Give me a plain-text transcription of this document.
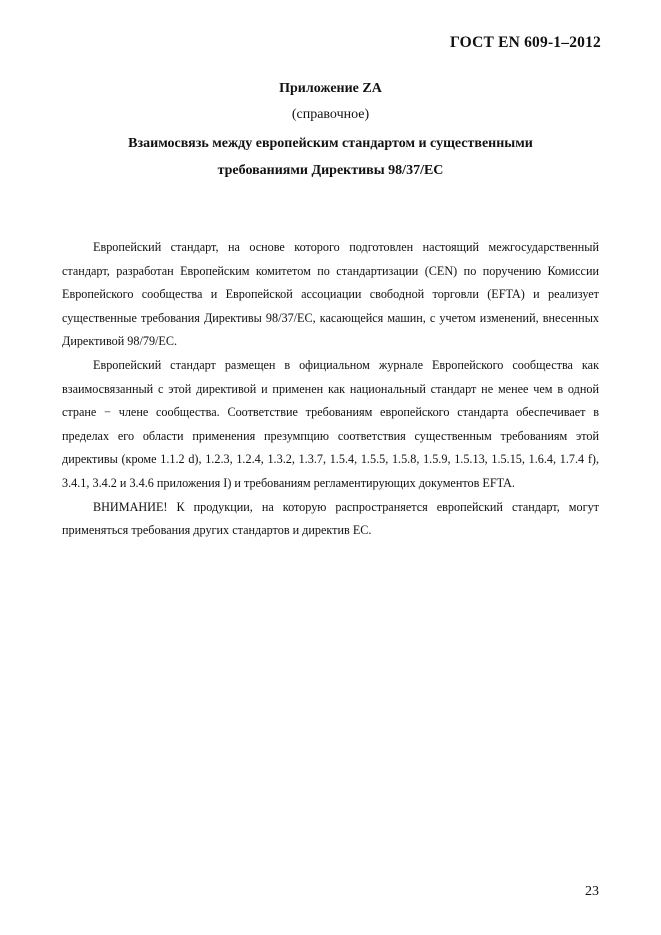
ГОСТ EN 609-1–2012
Приложение ZA
(справочное)
Взаимосвязь между европейским стандартом и существенными требованиями Директивы 98/37/ЕС

Европейский стандарт, на основе которого подготовлен настоящий межгосударственный стандарт, разработан Европейским комитетом по стандартизации (CEN) по поручению Комиссии Европейского сообщества и Европейской ассоциации свободной торговли (EFTA) и реализует существенные требования Директивы 98/37/ЕС, касающейся машин, с учетом изменений, внесенных Директивой 98/79/ЕС.

Европейский стандарт размещен в официальном журнале Европейского сообщества как взаимосвязанный с этой директивой и применен как национальный стандарт не менее чем в одной стране − члене сообщества. Соответствие требованиям европейского стандарта обеспечивает в пределах его области применения презумпцию соответствия существенным требованиям этой директивы (кроме 1.1.2 d), 1.2.3, 1.2.4, 1.3.2, 1.3.7, 1.5.4, 1.5.5, 1.5.8, 1.5.9, 1.5.13, 1.5.15, 1.6.4, 1.7.4 f), 3.4.1, 3.4.2 и 3.4.6 приложения I) и требованиям регламентирующих документов EFTA.

ВНИМАНИЕ! К продукции, на которую распространяется европейский стандарт, могут применяться требования других стандартов и директив ЕС.

23
